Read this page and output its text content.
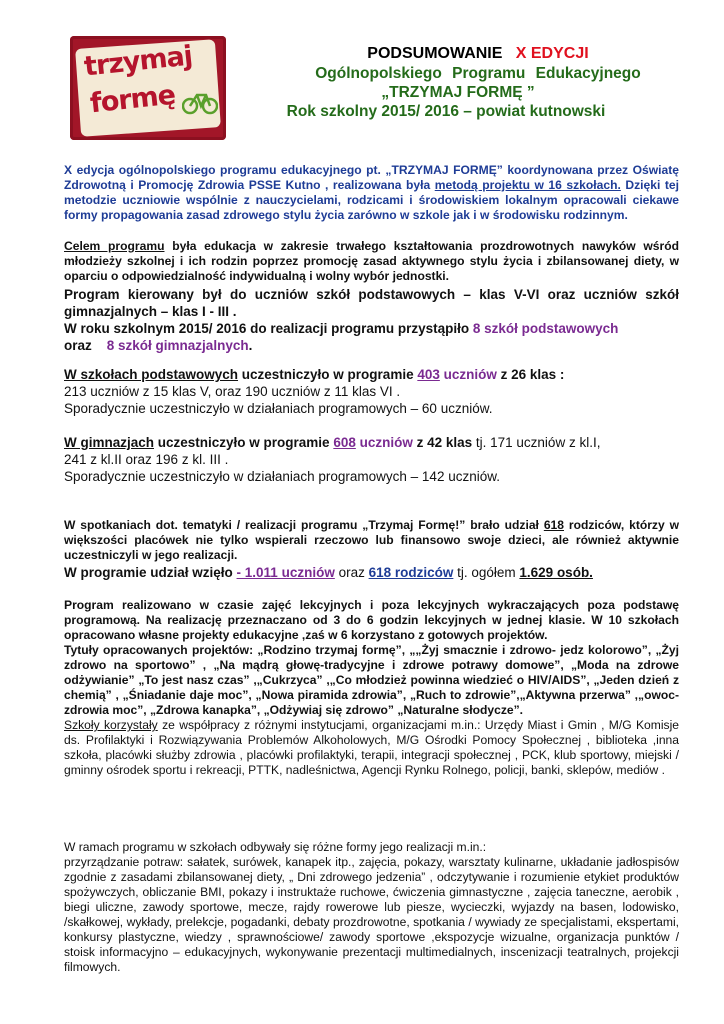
trzymaj
formę
PODSUMOWANIE X EDYCJI
Ogólnopolskiego Programu Edukacyjnego
„TRZYMAJ FORMĘ ”
Rok szkolny 2015/ 2016 – powiat kutnowski
X edycja ogólnopolskiego programu edukacyjnego pt. „TRZYMAJ FORMĘ” koordynowana przez Oświatę Zdrowotną i Promocję Zdrowia PSSE Kutno , realizowana była metodą projektu w 16 szkołach. Dzięki tej metodzie uczniowie wspólnie z nauczycielami, rodzicami i środowiskiem lokalnym opracowali ciekawe formy propagowania zasad zdrowego stylu życia zarówno w szkole jak i w środowisku rodzinnym.
Celem programu była edukacja w zakresie trwałego kształtowania prozdrowotnych nawyków wśród młodzieży szkolnej i ich rodzin poprzez promocję zasad aktywnego stylu życia i zbilansowanej diety, w oparciu o odpowiedzialność indywidualną i wolny wybór jednostki.
Program kierowany był do uczniów szkół podstawowych – klas V-VI oraz uczniów szkół gimnazjalnych – klas I - III .
W roku szkolnym 2015/ 2016 do realizacji programu przystąpiło 8 szkół podstawowych
oraz 8 szkół gimnazjalnych.
W szkołach podstawowych uczestniczyło w programie 403 uczniów z 26 klas :
213 uczniów z 15 klas V, oraz 190 uczniów z 11 klas VI .
Sporadycznie uczestniczyło w działaniach programowych – 60 uczniów.
W gimnazjach uczestniczyło w programie 608 uczniów z 42 klas tj. 171 uczniów z kl.I,
241 z kl.II oraz 196 z kl. III .
Sporadycznie uczestniczyło w działaniach programowych – 142 uczniów.
W spotkaniach dot. tematyki / realizacji programu „Trzymaj Formę!” brało udział 618 rodziców, którzy w większości placówek nie tylko wspierali rzeczowo lub finansowo swoje dzieci, ale również aktywnie uczestniczyli w jego realizacji.
W programie udział wzięło - 1.011 uczniów oraz 618 rodziców tj. ogółem 1.629 osób.
Program realizowano w czasie zajęć lekcyjnych i poza lekcyjnych wykraczających poza podstawę programową. Na realizację przeznaczano od 3 do 6 godzin lekcyjnych w jednej klasie. W 10 szkołach opracowano własne projekty edukacyjne ,zaś w 6 korzystano z gotowych projektów.
Tytuły opracowanych projektów: „Rodzino trzymaj formę”, „„Żyj smacznie i zdrowo- jedz kolorowo”, „Żyj zdrowo na sportowo” , „Na mądrą głowę-tradycyjne i zdrowe potrawy domowe”, „Moda na zdrowe odżywianie” „To jest nasz czas” ,„Cukrzyca” ,„Co młodzież powinna wiedzieć o HIV/AIDS”, „Jeden dzień z chemią” , „Śniadanie daje moc”, „Nowa piramida zdrowia”, „Ruch to zdrowie”,„Aktywna przerwa” ,„owoc- zdrowia moc”, „Zdrowa kanapka”, „Odżywiaj się zdrowo” „Naturalne słodycze”.
Szkoły korzystały ze współpracy z różnymi instytucjami, organizacjami m.in.: Urzędy Miast i Gmin , M/G Komisje ds. Profilaktyki i Rozwiązywania Problemów Alkoholowych, M/G Ośrodki Pomocy Społecznej , biblioteka ,inna szkoła, placówki służby zdrowia , placówki profilaktyki, terapii, integracji społecznej , PCK, klub sportowy, miejski / gminny ośrodek sportu i rekreacji, PTTK, nadleśnictwa, Agencji Rynku Rolnego, policji, banki, sklepów, mediów .
W ramach programu w szkołach odbywały się różne formy jego realizacji m.in.:
przyrządzanie potraw: sałatek, surówek, kanapek itp., zajęcia, pokazy, warsztaty kulinarne, układanie jadłospisów zgodnie z zasadami zbilansowanej diety, „ Dni zdrowego jedzenia” , odczytywanie i rozumienie etykiet produktów spożywczych, obliczanie BMI, pokazy i instruktaże ruchowe, ćwiczenia gimnastyczne , zajęcia taneczne, aerobik , biegi uliczne, zawody sportowe, mecze, rajdy rowerowe lub piesze, wycieczki, wyjazdy na basen, lodowisko, /skałkowej, wykłady, prelekcje, pogadanki, debaty prozdrowotne, spotkania / wywiady ze specjalistami, ekspertami, konkursy plastyczne, wiedzy , sprawnościowe/ zawody sportowe ,ekspozycje wizualne, organizacja punktów / stoisk informacyjno – edukacyjnych, wykonywanie prezentacji multimedialnych, inscenizacji teatralnych, projekcji filmowych.
